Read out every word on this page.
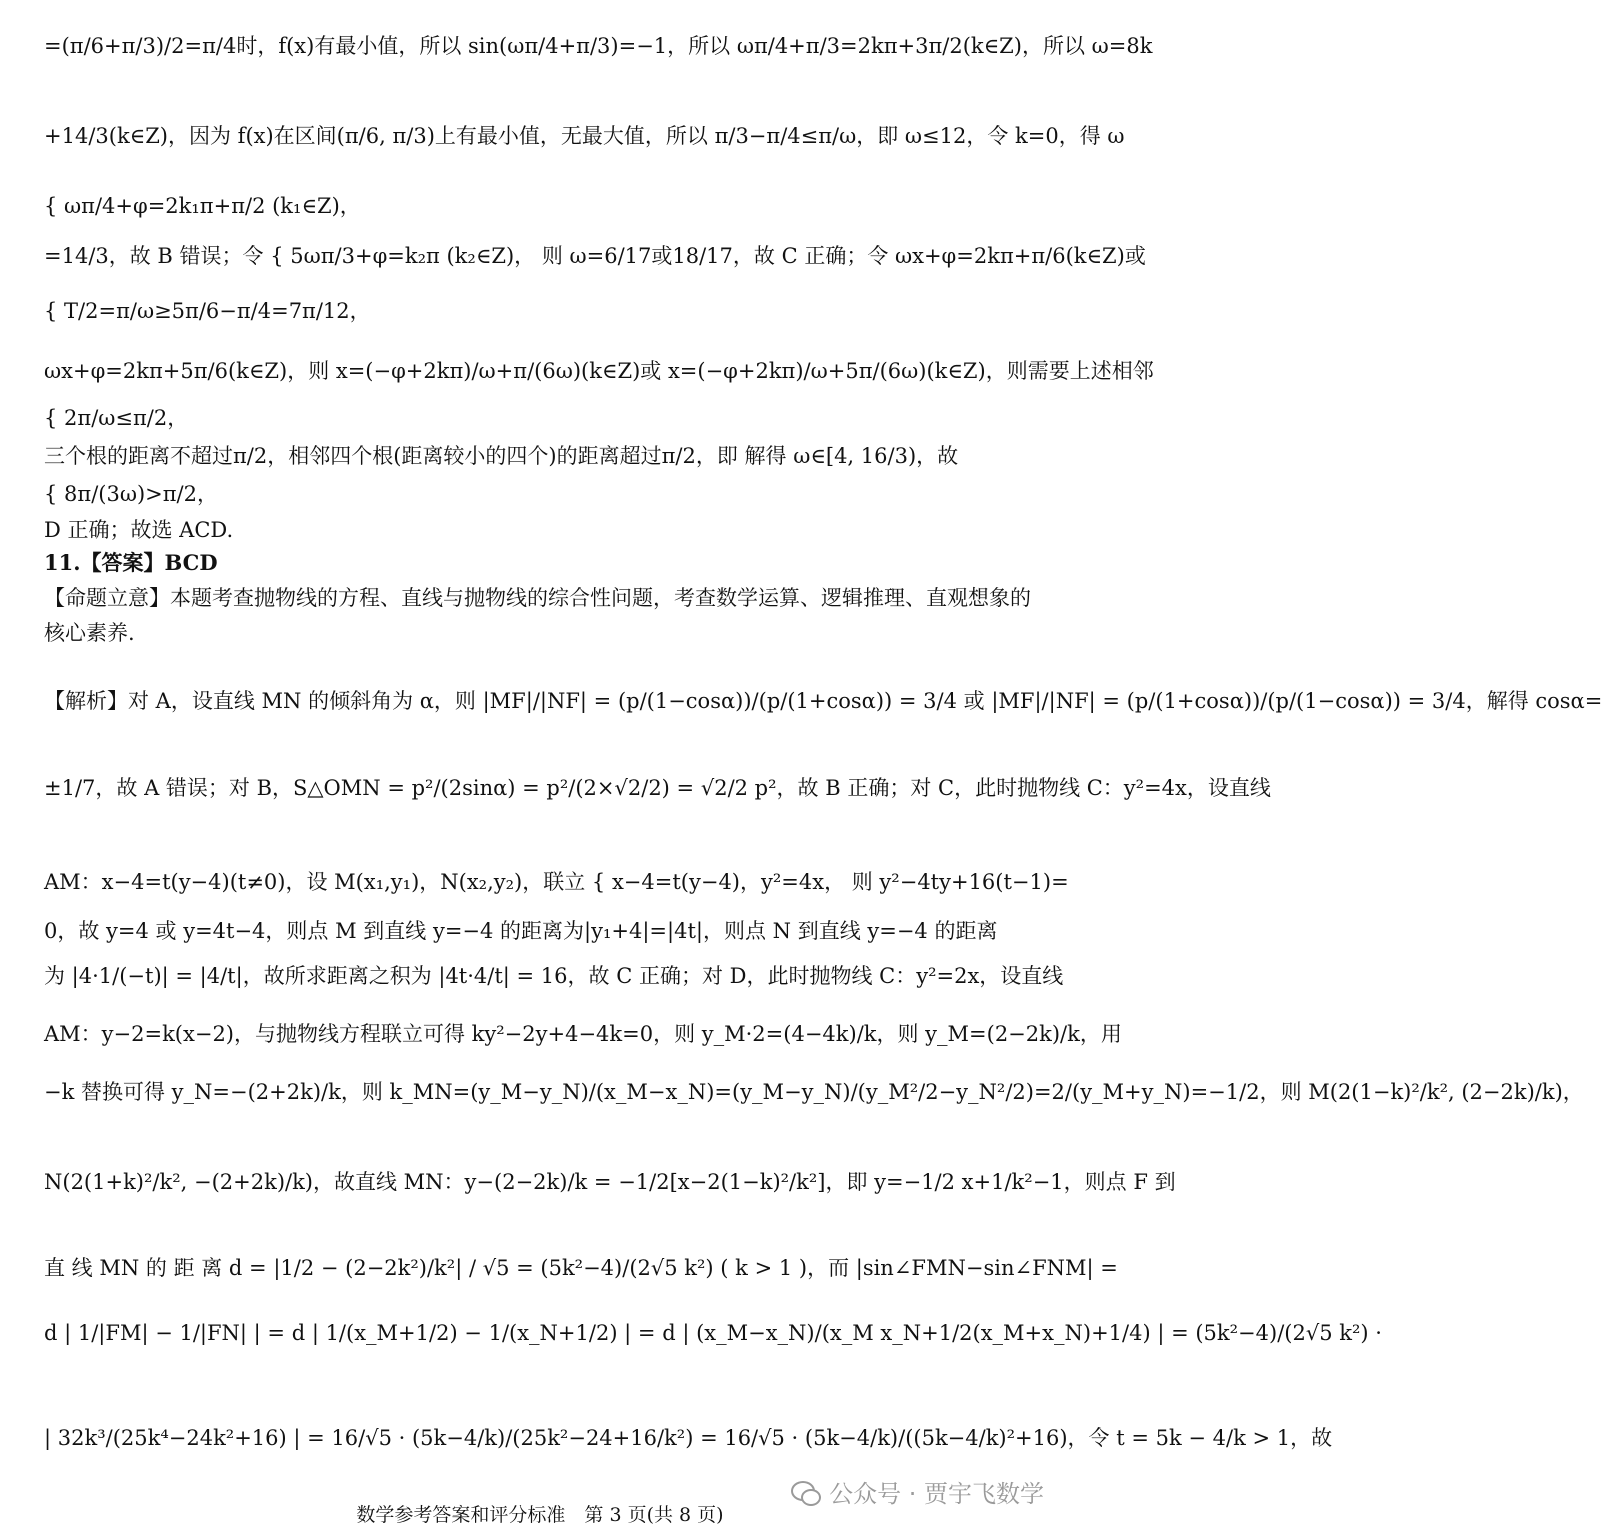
=(π/6+π/3)/2=π/4时，f(x)有最小值，所以 sin(ωπ/4+π/3)=−1，所以 ωπ/4+π/3=2kπ+3π/2(k∈Z)，所以 ω=8k
+14/3(k∈Z)，因为 f(x)在区间(π/6, π/3)上有最小值，无最大值，所以 π/3−π/4≤π/ω，即 ω≤12，令 k=0，得 ω
{ ωπ/4+φ=2k₁π+π/2 (k₁∈Z)，
=14/3，故 B 错误；令 { 5ωπ/3+φ=k₂π (k₂∈Z)， 则 ω=6/17或18/17，故 C 正确；令 ωx+φ=2kπ+π/6(k∈Z)或
{ T/2=π/ω≥5π/6−π/4=7π/12，
ωx+φ=2kπ+5π/6(k∈Z)，则 x=(−φ+2kπ)/ω+π/(6ω)(k∈Z)或 x=(−φ+2kπ)/ω+5π/(6ω)(k∈Z)，则需要上述相邻
{ 2π/ω≤π/2，
三个根的距离不超过π/2，相邻四个根(距离较小的四个)的距离超过π/2，即 解得 ω∈[4, 16/3)，故
{ 8π/(3ω)>π/2，
D 正确；故选 ACD.
11.【答案】BCD
【命题立意】本题考查抛物线的方程、直线与抛物线的综合性问题，考查数学运算、逻辑推理、直观想象的
核心素养.
【解析】对 A，设直线 MN 的倾斜角为 α，则 |MF|/|NF| = (p/(1−cosα))/(p/(1+cosα)) = 3/4 或 |MF|/|NF| = (p/(1+cosα))/(p/(1−cosα)) = 3/4，解得 cosα=
±1/7，故 A 错误；对 B，S△OMN = p²/(2sinα) = p²/(2×√2/2) = √2/2 p²，故 B 正确；对 C，此时抛物线 C：y²=4x，设直线
AM：x−4=t(y−4)(t≠0)，设 M(x₁,y₁)，N(x₂,y₂)，联立 { x−4=t(y−4)，y²=4x， 则 y²−4ty+16(t−1)=
0，故 y=4 或 y=4t−4，则点 M 到直线 y=−4 的距离为|y₁+4|=|4t|，则点 N 到直线 y=−4 的距离
为 |4·1/(−t)| = |4/t|，故所求距离之积为 |4t·4/t| = 16，故 C 正确；对 D，此时抛物线 C：y²=2x，设直线
AM：y−2=k(x−2)，与抛物线方程联立可得 ky²−2y+4−4k=0，则 y_M·2=(4−4k)/k，则 y_M=(2−2k)/k，用
−k 替换可得 y_N=−(2+2k)/k，则 k_MN=(y_M−y_N)/(x_M−x_N)=(y_M−y_N)/(y_M²/2−y_N²/2)=2/(y_M+y_N)=−1/2，则 M(2(1−k)²/k², (2−2k)/k)，
N(2(1+k)²/k², −(2+2k)/k)，故直线 MN：y−(2−2k)/k = −1/2[x−2(1−k)²/k²]，即 y=−1/2 x+1/k²−1，则点 F 到
直 线 MN 的 距 离 d = |1/2 − (2−2k²)/k²| / √5 = (5k²−4)/(2√5 k²) ( k > 1 )，而 |sin∠FMN−sin∠FNM| =
d | 1/|FM| − 1/|FN| | = d | 1/(x_M+1/2) − 1/(x_N+1/2) | = d | (x_M−x_N)/(x_M x_N+1/2(x_M+x_N)+1/4) | = (5k²−4)/(2√5 k²) ·
| 32k³/(25k⁴−24k²+16) | = 16/√5 · (5k−4/k)/(25k²−24+16/k²) = 16/√5 · (5k−4/k)/((5k−4/k)²+16)，令 t = 5k − 4/k > 1，故
公众号 · 贾宇飞数学
数学参考答案和评分标准　第 3 页(共 8 页)
